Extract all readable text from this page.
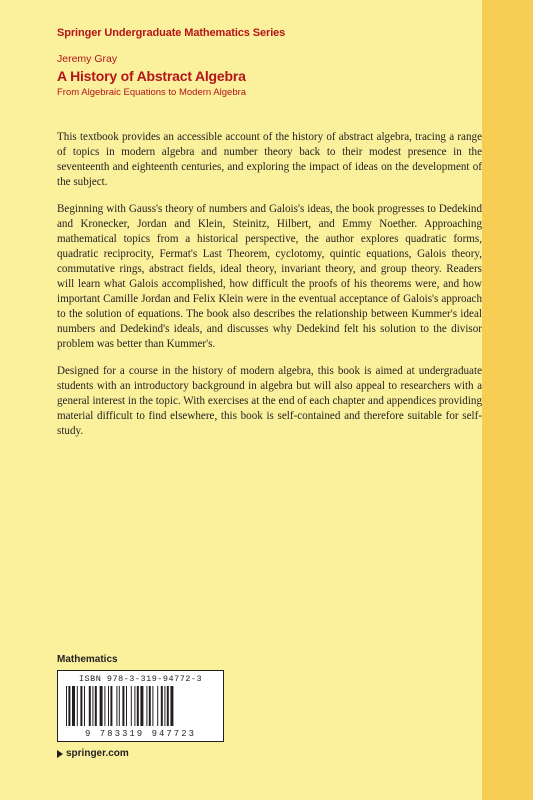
Springer Undergraduate Mathematics Series
Jeremy Gray
A History of Abstract Algebra
From Algebraic Equations to Modern Algebra

This textbook provides an accessible account of the history of abstract algebra, tracing a range of topics in modern algebra and number theory back to their modest presence in the seventeenth and eighteenth centuries, and exploring the impact of ideas on the development of the subject.

Beginning with Gauss's theory of numbers and Galois's ideas, the book progresses to Dedekind and Kronecker, Jordan and Klein, Steinitz, Hilbert, and Emmy Noether. Approaching mathematical topics from a historical perspective, the author explores quadratic forms, quadratic reciprocity, Fermat's Last Theorem, cyclotomy, quintic equations, Galois theory, commutative rings, abstract fields, ideal theory, invariant theory, and group theory. Readers will learn what Galois accomplished, how difficult the proofs of his theorems were, and how important Camille Jordan and Felix Klein were in the eventual acceptance of Galois's approach to the solution of equations. The book also describes the relationship between Kummer's ideal numbers and Dedekind's ideals, and discusses why Dedekind felt his solution to the divisor problem was better than Kummer's.

Designed for a course in the history of modern algebra, this book is aimed at undergraduate students with an introductory background in algebra but will also appeal to researchers with a general interest in the topic. With exercises at the end of each chapter and appendices providing material difficult to find elsewhere, this book is self-contained and therefore suitable for self-study.

Mathematics
ISBN 978-3-319-94772-3
9 783319 947723
springer.com
